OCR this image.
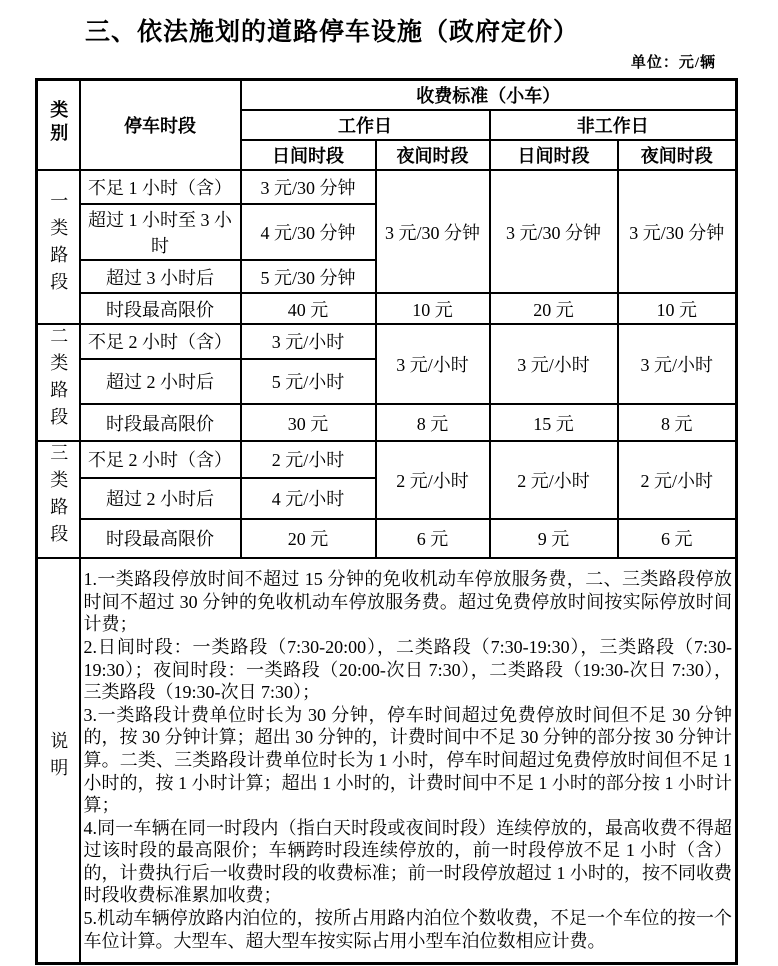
三、依法施划的道路停车设施（政府定价）
单位：元/辆
类别	停车时段	收费标准（小车）			
		工作日		非工作日	
		日间时段	夜间时段	日间时段	夜间时段
一类路段	不足 1 小时（含）	3 元/30 分钟	3 元/30 分钟	3 元/30 分钟	3 元/30 分钟
	超过 1 小时至 3 小时	4 元/30 分钟			
	超过 3 小时后	5 元/30 分钟			
	时段最高限价	40 元	10 元	20 元	10 元
二类路段	不足 2 小时（含）	3 元/小时	3 元/小时	3 元/小时	3 元/小时
	超过 2 小时后	5 元/小时			
	时段最高限价	30 元	8 元	15 元	8 元
三类路段	不足 2 小时（含）	2 元/小时	2 元/小时	2 元/小时	2 元/小时
	超过 2 小时后	4 元/小时			
	时段最高限价	20 元	6 元	9 元	6 元
说明	1.一类路段停放时间不超过 15 分钟的免收机动车停放服务费，二、三类路段停放时间不超过 30 分钟的免收机动车停放服务费。超过免费停放时间按实际停放时间计费；

2.日间时段：一类路段（7:30-20:00），二类路段（7:30-19:30），三类路段（7:30-19:30）；夜间时段：一类路段（20:00-次日 7:30），二类路段（19:30-次日 7:30），三类路段（19:30-次日 7:30）；

3.一类路段计费单位时长为 30 分钟，停车时间超过免费停放时间但不足 30 分钟的，按 30 分钟计算；超出 30 分钟的，计费时间中不足 30 分钟的部分按 30 分钟计算。二类、三类路段计费单位时长为 1 小时，停车时间超过免费停放时间但不足 1 小时的，按 1 小时计算；超出 1 小时的，计费时间中不足 1 小时的部分按 1 小时计算；

4.同一车辆在同一时段内（指白天时段或夜间时段）连续停放的，最高收费不得超过该时段的最高限价；车辆跨时段连续停放的，前一时段停放不足 1 小时（含）的，计费执行后一收费时段的收费标准；前一时段停放超过 1 小时的，按不同收费时段收费标准累加收费；

5.机动车辆停放路内泊位的，按所占用路内泊位个数收费，不足一个车位的按一个车位计算。大型车、超大型车按实际占用小型车泊位数相应计费。				
